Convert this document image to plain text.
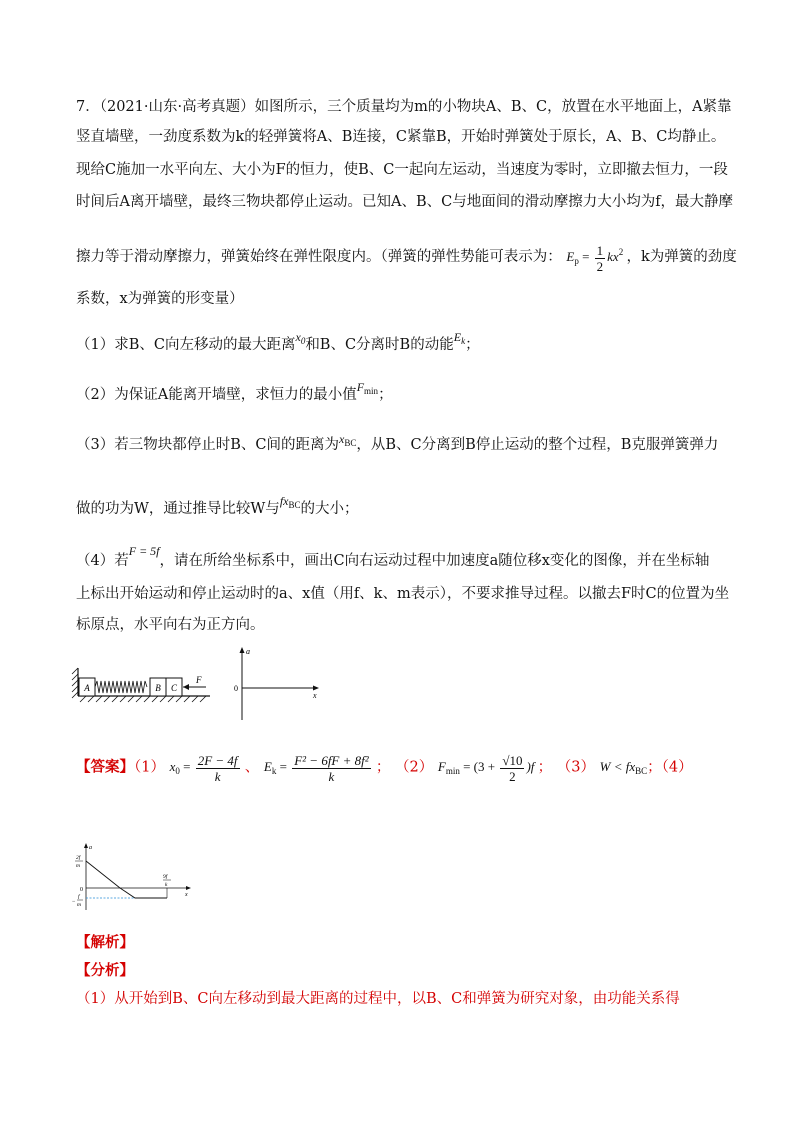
7．（2021·山东·高考真题）如图所示，三个质量均为m的小物块A、B、C，放置在水平地面上，A紧靠
竖直墙壁，一劲度系数为k的轻弹簧将A、B连接，C紧靠B，开始时弹簧处于原长，A、B、C均静止。
现给C施加一水平向左、大小为F的恒力，使B、C一起向左运动，当速度为零时，立即撤去恒力，一段
时间后A离开墙壁，最终三物块都停止运动。已知A、B、C与地面间的滑动摩擦力大小均为f，最大静摩
擦力等于滑动摩擦力，弹簧始终在弹性限度内。（弹簧的弹性势能可表示为： $E_p = \frac{1}{2} kx^2$ ，k为弹簧的劲度
系数，x为弹簧的形变量）
（1）求B、C向左移动的最大距离$^{x_0}$和B、C分离时B的动能$^{E_k}$；
（2）为保证A能离开墙壁，求恒力的最小值$^{F_{min}}$；
（3）若三物块都停止时B、C间的距离为$^{x_{BC}}$，从B、C分离到B停止运动的整个过程，B克服弹簧弹力
做的功为W，通过推导比较W与$^{fx_{BC}}$的大小；
（4）若$^{F = 5f}$，请在所给坐标系中，画出C向右运动过程中加速度a随位移x变化的图像，并在坐标轴
上标出开始运动和停止运动时的a、x值（用f、k、m表示），不要求推导过程。以撤去F时C的位置为坐
标原点，水平向右为正方向。
A	B C
F
a
x
0
【答案】（1） $x_0 = \frac{2F - 4f}{k}$ 、 $E_k = \frac{\text{F² − 6fF + 8f²}}{k}$ ； （2） $F_{min} = (3 + \frac{√10}{2} )f$ ； （3） $W < fx_{BC}$；（4）
a
x
0
2f
m
−
f
m
9f
k
【解析】
【分析】
（1）从开始到B、C向左移动到最大距离的过程中，以B、C和弹簧为研究对象，由功能关系得
